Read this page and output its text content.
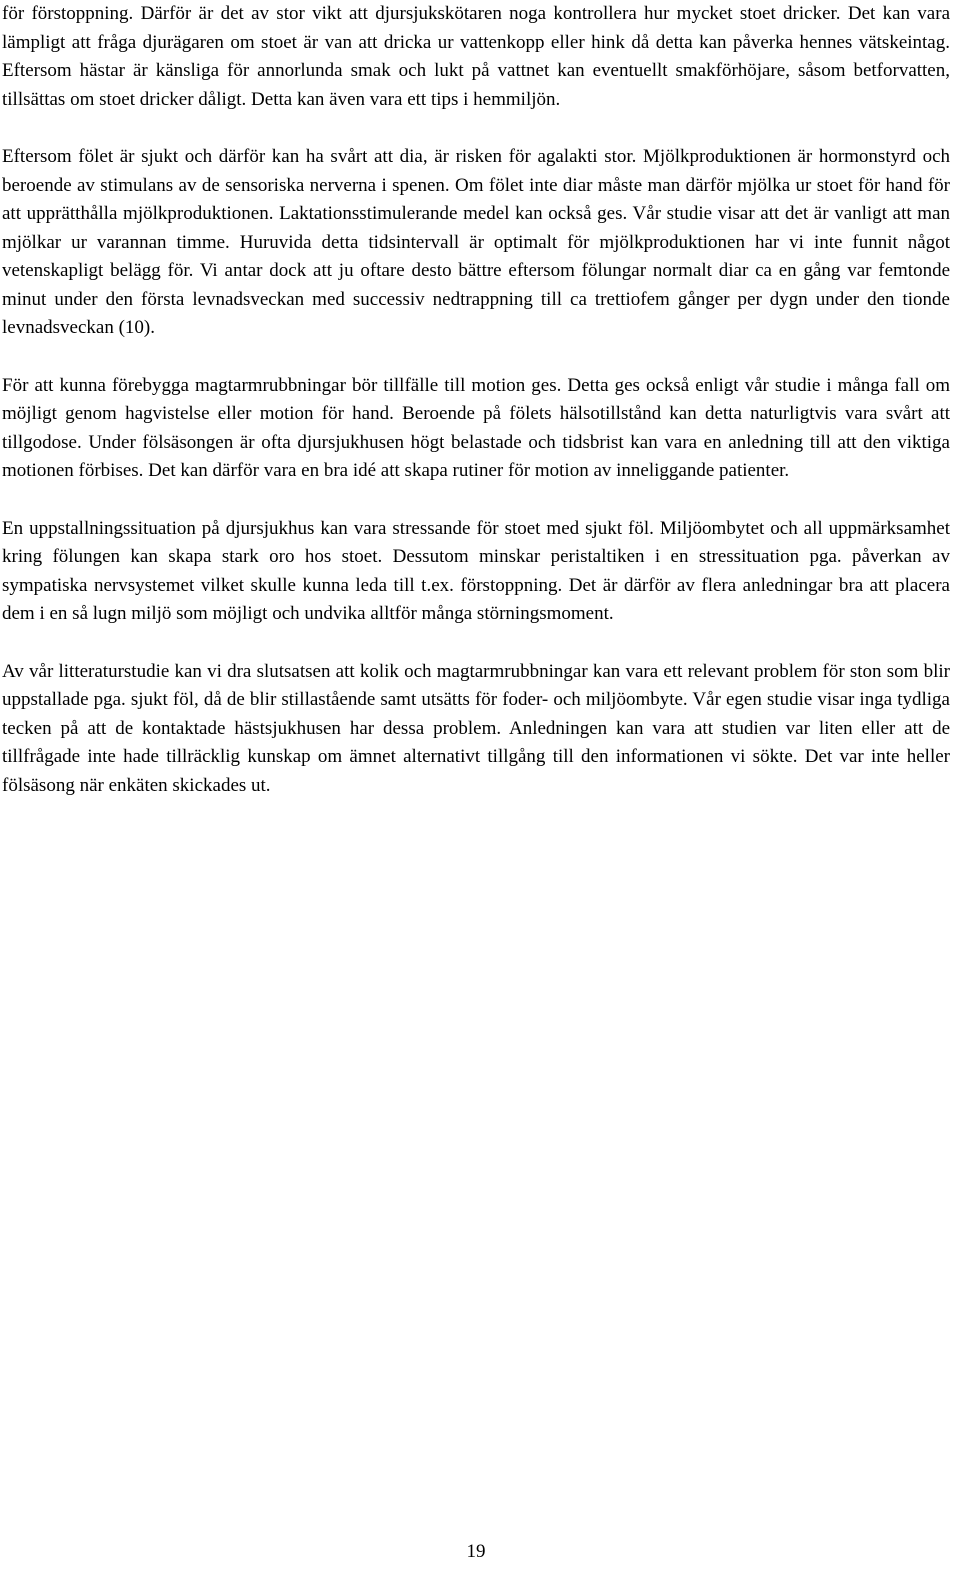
för förstoppning. Därför är det av stor vikt att djursjukskötaren noga kontrollera hur mycket stoet dricker. Det kan vara lämpligt att fråga djurägaren om stoet är van att dricka ur vattenkopp eller hink då detta kan påverka hennes vätskeintag. Eftersom hästar är känsliga för annorlunda smak och lukt på vattnet kan eventuellt smakförhöjare, såsom betforvatten, tillsättas om stoet dricker dåligt. Detta kan även vara ett tips i hemmiljön.

Eftersom fölet är sjukt och därför kan ha svårt att dia, är risken för agalakti stor. Mjölkproduktionen är hormonstyrd och beroende av stimulans av de sensoriska nerverna i spenen. Om fölet inte diar måste man därför mjölka ur stoet för hand för att upprätthålla mjölkproduktionen. Laktationsstimulerande medel kan också ges. Vår studie visar att det är vanligt att man mjölkar ur varannan timme. Huruvida detta tidsintervall är optimalt för mjölkproduktionen har vi inte funnit något vetenskapligt belägg för. Vi antar dock att ju oftare desto bättre eftersom fölungar normalt diar ca en gång var femtonde minut under den första levnadsveckan med successiv nedtrappning till ca trettiofem gånger per dygn under den tionde levnadsveckan (10).

För att kunna förebygga magtarmrubbningar bör tillfälle till motion ges. Detta ges också enligt vår studie i många fall om möjligt genom hagvistelse eller motion för hand. Beroende på fölets hälsotillstånd kan detta naturligtvis vara svårt att tillgodose. Under fölsäsongen är ofta djursjukhusen högt belastade och tidsbrist kan vara en anledning till att den viktiga motionen förbises. Det kan därför vara en bra idé att skapa rutiner för motion av inneliggande patienter.

En uppstallningssituation på djursjukhus kan vara stressande för stoet med sjukt föl. Miljöombytet och all uppmärksamhet kring fölungen kan skapa stark oro hos stoet. Dessutom minskar peristaltiken i en stressituation pga. påverkan av sympatiska nervsystemet vilket skulle kunna leda till t.ex. förstoppning. Det är därför av flera anledningar bra att placera dem i en så lugn miljö som möjligt och undvika alltför många störningsmoment.

Av vår litteraturstudie kan vi dra slutsatsen att kolik och magtarmrubbningar kan vara ett relevant problem för ston som blir uppstallade pga. sjukt föl, då de blir stillastående samt utsätts för foder- och miljöombyte. Vår egen studie visar inga tydliga tecken på att de kontaktade hästsjukhusen har dessa problem. Anledningen kan vara att studien var liten eller att de tillfrågade inte hade tillräcklig kunskap om ämnet alternativt tillgång till den informationen vi sökte. Det var inte heller fölsäsong när enkäten skickades ut.

19
